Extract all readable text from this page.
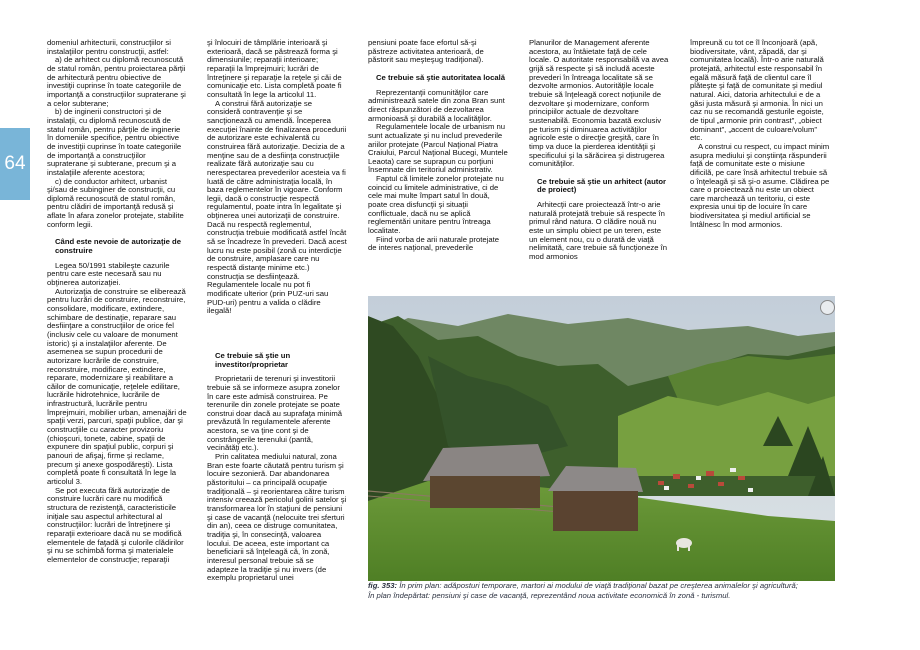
64

domeniul arhitecturii, construcţiilor si instalaţiilor pentru construcţii, astfel:

a) de arhitect cu diplomă recunoscută de statul român, pentru proiectarea părţii de arhitectură pentru obiective de investiţii cuprinse în toate categoriile de importanţă a construcţiilor supraterane şi a celor subterane;

b) de inginerii constructori şi de instalaţii, cu diplomă recunoscută de statul român, pentru părţile de inginerie în domeniile specifice, pentru obiective de investiţii cuprinse în toate categoriile de importanţă a construcţiilor supraterane şi subterane, precum şi a instalaţiile aferente acestora;

c) de conductor arhitect, urbanist şi/sau de subinginer de construcţii, cu diplomă recunoscută de statul român, pentru clădiri de importanţă redusă şi aflate în afara zonelor protejate, stabilite conform legii.

Când este nevoie de autorizaţie de construire

Legea 50/1991 stabileşte cazurile pentru care este necesară sau nu obţinerea autorizaţiei.

Autorizaţia de construire se eliberează pentru lucrări de construire, reconstruire, consolidare, modificare, extindere, schimbare de destinaţie, reparare sau desfiinţare a construcţiilor de orice fel (inclusiv cele cu valoare de monument istoric) şi a instalaţiilor aferente. De asemenea se supun procedurii de autorizare lucrările de construire, reconstruire, modificare, extindere, reparare, modernizare şi reabilitare a căilor de comunicaţie, reţelele edilitare, lucrările hidrotehnice, lucrările de infrastructură, lucrările pentru împrejmuiri, mobilier urban, amenajări de spaţii verzi, parcuri, spaţii publice, dar şi construcţiile cu caracter provizoriu (chioşcuri, tonete, cabine, spaţii de expunere din spaţiul public, corpuri şi panouri de afişaj, firme şi reclame, precum şi anexe gospodăreşti). Lista completă poate fi consultată în lege la articolul 3.

Se pot executa fără autorizaţie de construire lucrări care nu modifică structura de rezistenţă, caracteristicile iniţiale sau aspectul arhitectural al construcţiilor: lucrări de întreţinere şi reparaţii exterioare dacă nu se modifică elementele de faţadă şi culorile clădirilor şi nu se schimbă forma şi materialele elementelor de construcţie; reparaţii

şi înlocuiri de tâmplărie interioară şi exterioară, dacă se păstrează forma şi dimensiunile; reparaţii interioare; reparaţii la împrejmuiri; lucrări de întreţinere şi reparaţie la reţele şi căi de comunicaţie etc. Lista completă poate fi consultată în lege la articolul 11.

A construi fără autorizaţie se consideră contravenţie şi se sancţionează cu amendă. Începerea execuţiei înainte de finalizarea procedurii de autorizare este echivalentă cu construirea fără autorizaţie. Decizia de a menţine sau de a desfiinţa construcţiile realizate fără autorizaţie sau cu nerespectarea prevederilor acesteia va fi luată de către administraţia locală, în baza reglementelor în vigoare. Conform legii, dacă o construcţie respectă regulamentul, poate intra în legalitate şi obţinerea unei autorizaţii de construire. Dacă nu respectă reglementul, construcţia trebuie modificată astfel încât să se încadreze în prevederi. Dacă acest lucru nu este posibil (zonă cu interdicţie de construire, amplasare care nu respectă distanţe minime etc.) construcţia se desfiinţează. Regulamentele locale nu pot fi modificate ulterior (prin PUZ-uri sau PUD-uri) pentru a valida o clădire ilegală!

Ce trebuie să ştie un investitor/proprietar

Proprietarii de terenuri şi investitorii trebuie să se informeze asupra zonelor în care este admisă construirea. Pe terenurile din zonele protejate se poate construi doar dacă au suprafaţa minimă prevăzută în regulamentele aferente acestora, se va ţine cont şi de constrângerile terenului (pantă, vecinătăţi etc.).

Prin calitatea mediului natural, zona Bran este foarte căutată pentru turism şi locuire sezonieră. Dar abandonarea păstoritului – ca principală ocupaţie tradiţională – şi reorientarea către turism intensiv creează pericolul golirii satelor şi transformarea lor în staţiuni de pensiuni şi case de vacanţă (nelocuite trei sferturi din an), ceea ce distruge comunitatea, tradiţia şi, în consecinţă, valoarea locului. De aceea, este important ca beneficiarii să înţeleagă că, în zonă, interesul personal trebuie să se adapteze la tradiţie şi nu invers (de exemplu proprietarul unei

pensiuni poate face efortul să-şi păstreze activitatea anterioară, de păstorit sau meşteşug tradiţional).

Ce trebuie să ştie autoritatea locală

Reprezentanţii comunităţilor care administrează satele din zona Bran sunt direct răspunzători de dezvoltarea armonioasă şi durabilă a localităţilor.

Regulamentele locale de urbanism nu sunt actualizate şi nu includ prevederile ariilor protejate (Parcul Naţional Piatra Craiului, Parcul Naţional Bucegi, Muntele Leaota) care se suprapun cu porţiuni însemnate din teritoriul administrativ.

Faptul că limitele zonelor protejate nu coincid cu limitele administrative, ci de cele mai multe împart satul în două, poate crea disfuncţii şi situaţii conflictuale, dacă nu se aplică reglementări unitare pentru întreaga localitate.

Fiind vorba de arii naturale protejate de interes naţional, prevederile

Planurilor de Management aferente acestora, au întâietate faţă de cele locale. O autoritate responsabilă va avea grijă să respecte şi să includă aceste prevederi în întreaga localitate să se dezvolte armonios. Autorităţile locale trebuie să înţeleagă corect noţiunile de dezvoltare şi modernizare, conform principiilor actuale de dezvoltare sustenabilă. Economia bazată exclusiv pe turism şi diminuarea activităţilor agricole este o direcţie greşită, care în timp va duce la pierderea identităţii şi specificului şi la sărăcirea şi distrugerea comunităţilor.

Ce trebuie să ştie un arhitect (autor de proiect)

Arhitecţii care proiectează într-o arie naturală protejată trebuie să respecte în primul rând natura. O clădire nouă nu este un simplu obiect pe un teren, este un element nou, cu o durată de viaţă nelimitată, care trebuie să funcţioneze în mod armonios

împreună cu tot ce îl înconjoară (apă, biodiversitate, vânt, zăpadă, dar şi comunitatea locală). Într-o arie naturală protejată, arhitectul este responsabil în egală măsură faţă de clientul care îl plăteşte şi faţă de comunitate şi mediul natural. Aici, datoria arhitectului e de a găsi justa măsură şi armonia. În nici un caz nu se recomandă gesturile egoiste, de tipul „armonie prin contrast”, „obiect dominant”, „accent de culoare/volum” etc.

A construi cu respect, cu impact minim asupra mediului şi conştiinţa răspunderii faţă de comunitate este o misiune dificilă, pe care însă arhitectul trebuie să o înţeleagă şi să şi-o asume. Clădirea pe care o proiectează nu este un obiect care marchează un teritoriu, ci este expresia unui tip de locuire în care biodiversitatea şi mediul artificial se întâlnesc în mod armonios.

fig. 353: În prim plan: adăposturi temporare, martori ai modului de viaţă tradiţional bazat pe creşterea animalelor şi agricultură;
În plan îndepărtat: pensiuni şi case de vacanţă, reprezentând noua activitate economică în zonă - turismul.
